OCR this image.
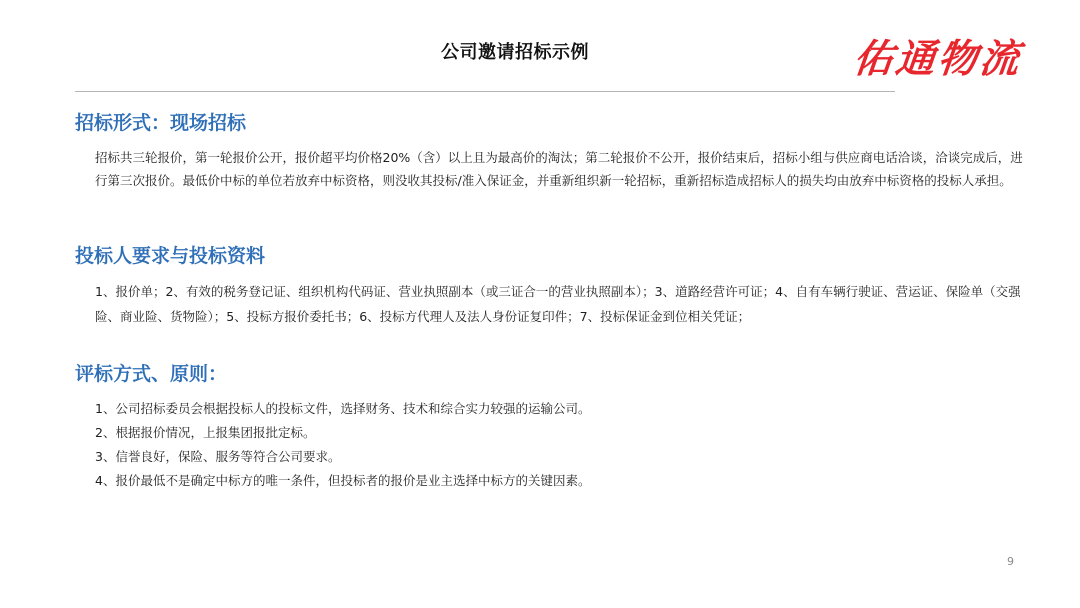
公司邀请招标示例	佑通物流
招标形式：现场招标

招标共三轮报价，第一轮报价公开，报价超平均价格20%（含）以上且为最高价的淘汰；第二轮报价不公开，报价结束后，招标小组与供应商电话洽谈，洽谈完成后，进行第三次报价。最低价中标的单位若放弃中标资格，则没收其投标/准入保证金，并重新组织新一轮招标，重新招标造成招标人的损失均由放弃中标资格的投标人承担。

投标人要求与投标资料

1、报价单；2、有效的税务登记证、组织机构代码证、营业执照副本（或三证合一的营业执照副本）；3、道路经营许可证；4、自有车辆行驶证、营运证、保险单（交强险、商业险、货物险）；5、投标方报价委托书；6、投标方代理人及法人身份证复印件；7、投标保证金到位相关凭证；

评标方式、原则：
1、公司招标委员会根据投标人的投标文件，选择财务、技术和综合实力较强的运输公司。
2、根据报价情况，上报集团报批定标。
3、信誉良好，保险、服务等符合公司要求。
4、报价最低不是确定中标方的唯一条件，但投标者的报价是业主选择中标方的关键因素。
9
